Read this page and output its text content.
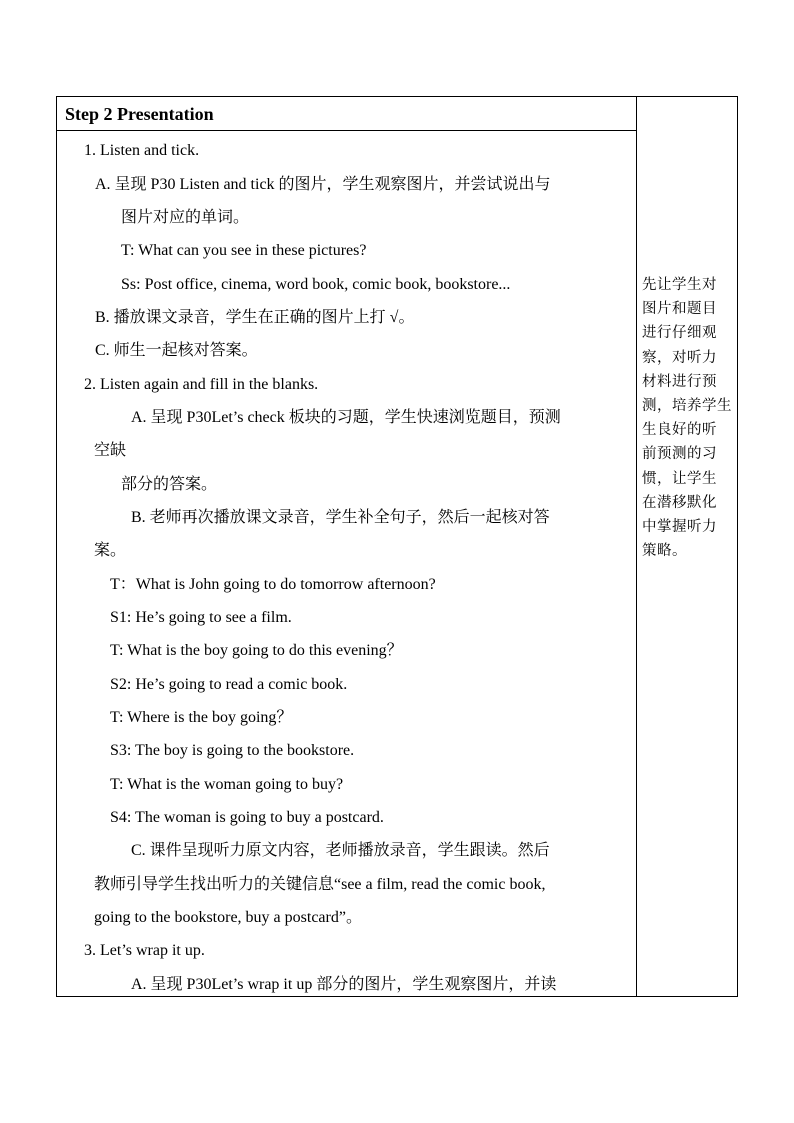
Step 2 Presentation
1. Listen and tick.
A. 呈现 P30 Listen and tick 的图片，学生观察图片，并尝试说出与
图片对应的单词。
T: What can you see in these pictures?
Ss: Post office, cinema, word book, comic book, bookstore...
B. 播放课文录音，学生在正确的图片上打 √。
C. 师生一起核对答案。
2. Listen again and fill in the blanks.
A. 呈现 P30Let’s check 板块的习题，学生快速浏览题目，预测
空缺
部分的答案。
B. 老师再次播放课文录音，学生补全句子，然后一起核对答
案。
T：What is John going to do tomorrow afternoon?
S1: He’s going to see a film.
T: What is the boy going to do this evening？
S2: He’s going to read a comic book.
T: Where is the boy going？
S3: The boy is going to the bookstore.
T: What is the woman going to buy?
S4: The woman is going to buy a postcard.
C. 课件呈现听力原文内容，老师播放录音，学生跟读。然后
教师引导学生找出听力的关键信息“see a film, read the comic book,
going to the bookstore, buy a postcard”。
3. Let’s wrap it up.
A. 呈现 P30Let’s wrap it up 部分的图片，学生观察图片，并读
先让学生对
图片和题目
进行仔细观
察，对听力
材料进行预
测，培养学生
生良好的听
前预测的习
惯，让学生
在潜移默化
中掌握听力
策略。
